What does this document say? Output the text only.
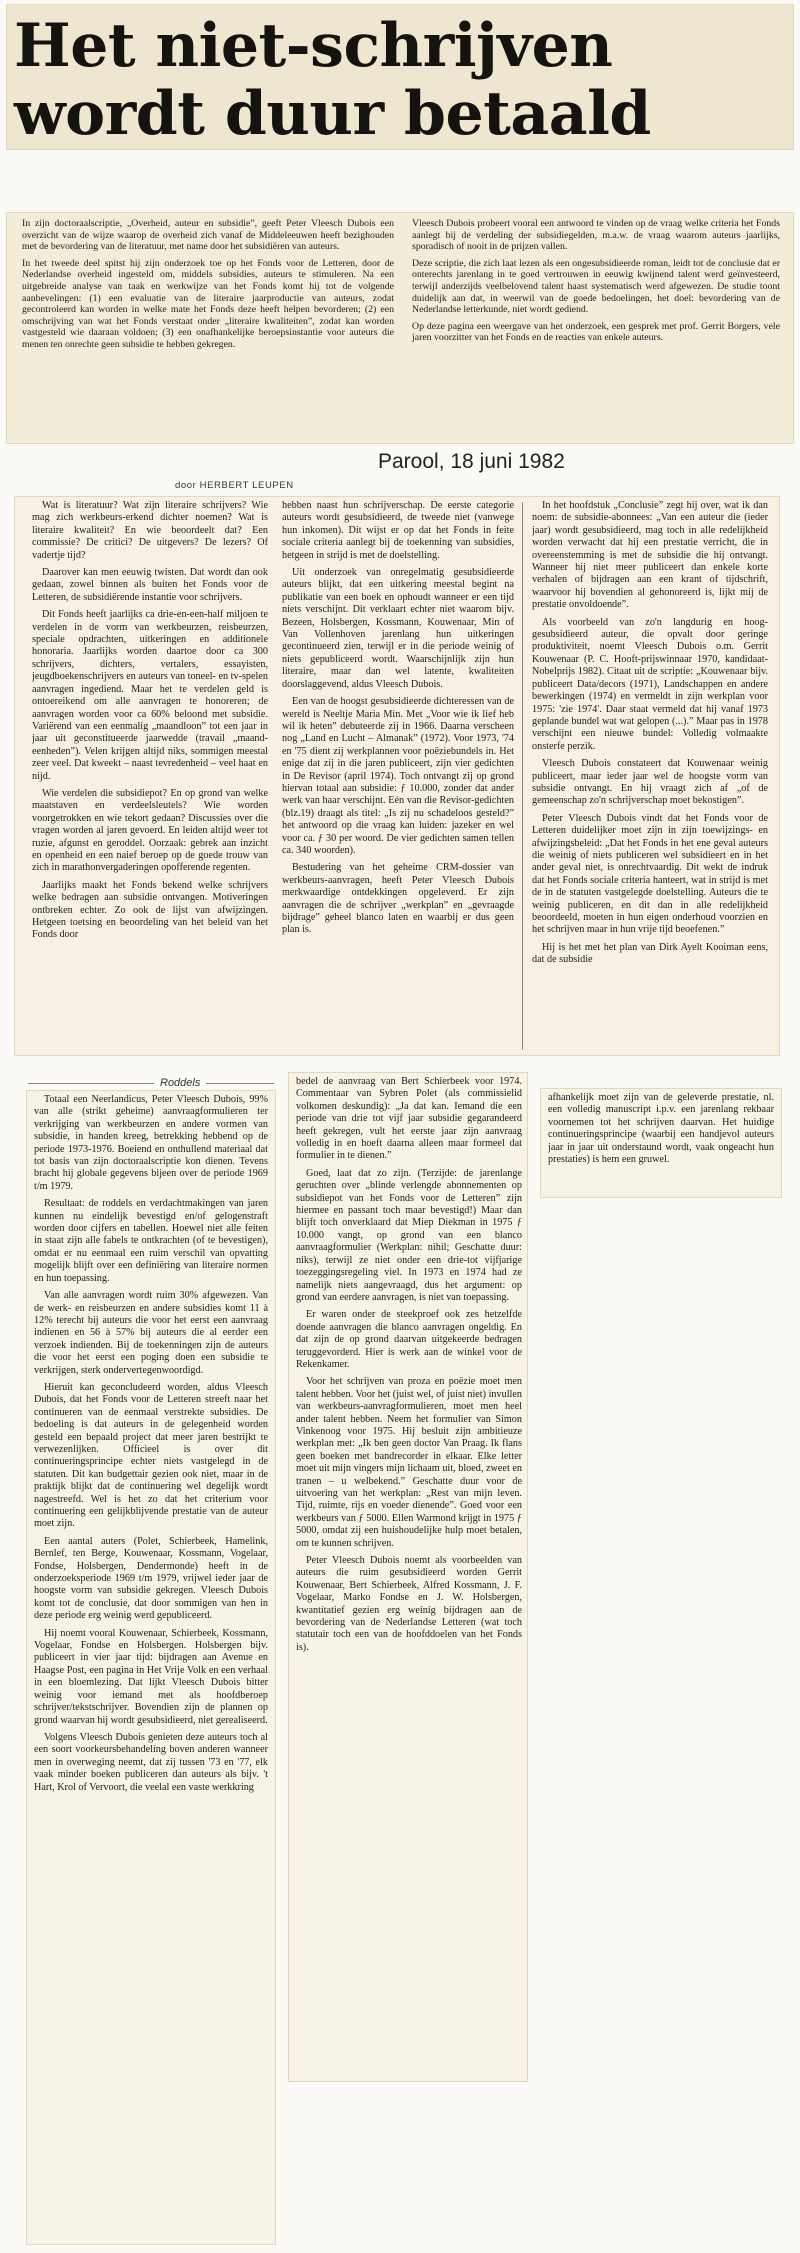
Het niet-schrijven
wordt duur betaald

In zijn doctoraalscriptie, „Overheid, auteur en subsidie”, geeft Peter Vleesch Dubois een overzicht van de wijze waarop de overheid zich vanaf de Middeleeuwen heeft bezighouden met de bevordering van de literatuur, met name door het subsidiëren van auteurs.

In het tweede deel spitst hij zijn onderzoek toe op het Fonds voor de Letteren, door de Nederlandse overheid ingesteld om, middels subsidies, auteurs te stimuleren. Na een uitgebreide analyse van taak en werkwijze van het Fonds komt hij tot de volgende aanbevelingen: (1) een evaluatie van de literaire jaarproductie van auteurs, zodat gecontroleerd kan worden in welke mate het Fonds deze heeft helpen bevorderen; (2) een omschrijving van wat het Fonds verstaat onder „literaire kwaliteiten”, zodat kan worden vastgesteld wie daaraan voldoen; (3) een onafhankelijke beroepsinstantie voor auteurs die menen ten onrechte geen subsidie te hebben gekregen.

Vleesch Dubois probeert vooral een antwoord te vinden op de vraag welke criteria het Fonds aanlegt bij de verdeling der subsidiegelden, m.a.w. de vraag waarom auteurs jaarlijks, sporadisch of nooit in de prijzen vallen.

Deze scriptie, die zich laat lezen als een ongesubsidieerde roman, leidt tot de conclusie dat er onterechts jarenlang in te goed vertrouwen in eeuwig kwijnend talent werd geïnvesteerd, terwijl anderzijds veelbelovend talent haast systematisch werd afgewezen. De studie toont duidelijk aan dat, in weerwil van de goede bedoelingen, het doel: bevordering van de Nederlandse letterkunde, niet wordt gediend.

Op deze pagina een weergave van het onderzoek, een gesprek met prof. Gerrit Borgers, vele jaren voorzitter van het Fonds en de reacties van enkele auteurs.

Parool, 18 juni 1982
door HERBERT LEUPEN

Wat is literatuur? Wat zijn literaire schrijvers? Wie mag zich werkbeurs-erkend dichter noemen? Wat is literaire kwaliteit? En wie beoordeelt dat? Een commissie? De critici? De uitgevers? De lezers? Of vadertje tijd?

Daarover kan men eeuwig twisten. Dat wordt dan ook gedaan, zowel binnen als buiten het Fonds voor de Letteren, de subsidiërende instantie voor schrijvers.

Dit Fonds heeft jaarlijks ca drie-en-een-half miljoen te verdelen in de vorm van werkbeurzen, reisbeurzen, speciale opdrachten, uitkeringen en additionele honoraria. Jaarlijks worden daartoe door ca 300 schrijvers, dichters, vertalers, essayisten, jeugdboekenschrijvers en auteurs van toneel- en tv-spelen aanvragen ingediend. Maar het te verdelen geld is ontoereikend om alle aanvragen te honoreren; de aanvragen worden voor ca 60% beloond met subsidie. Variërend van een eenmalig „maandloon” tot een jaar in jaar uit geconstitueerde jaarwedde (travail „maand-eenheden”). Velen krijgen altijd niks, sommigen meestal zeer veel. Dat kweekt – naast tevredenheid – veel haat en nijd.

Wie verdelen die subsidiepot? En op grond van welke maatstaven en verdeelsleutels? Wie worden voorgetrokken en wie tekort gedaan? Discussies over die vragen worden al jaren gevoerd. En leiden altijd weer tot ruzie, afgunst en geroddel. Oorzaak: gebrek aan inzicht en openheid en een naief beroep op de goede trouw van zich in marathonvergaderingen opofferende regenten.

Jaarlijks maakt het Fonds bekend welke schrijvers welke bedragen aan subsidie ontvangen. Motiveringen ontbreken echter. Zo ook de lijst van afwijzingen. Hetgeen toetsing en beoordeling van het beleid van het Fonds door

hebben naast hun schrijverschap. De eerste categorie auteurs wordt gesubsidieerd, de tweede niet (vanwege hun inkomen). Dit wijst er op dat het Fonds in feite sociale criteria aanlegt bij de toekenning van subsidies, hetgeen in strijd is met de doelstelling.

Uit onderzoek van onregelmatig gesubsidieerde auteurs blijkt, dat een uitkering meestal begint na publikatie van een boek en ophoudt wanneer er een tijd niets verschijnt. Dit verklaart echter niet waarom bijv. Bezeen, Holsbergen, Kossmann, Kouwenaar, Min of Van Vollenhoven jarenlang hun uitkeringen gecontinueerd zien, terwijl er in die periode weinig of niets gepubliceerd wordt. Waarschijnlijk zijn hun literaire, maar dan wel latente, kwaliteiten doorslaggevend, aldus Vleesch Dubois.

Een van de hoogst gesubsidieerde dichteressen van de wereld is Neeltje Maria Min. Met „Voor wie ik lief heb wil ik heten” debuteerde zij in 1966. Daarna verscheen nog „Land en Lucht – Almanak” (1972). Voor 1973, '74 en '75 dient zij werkplannen voor poëziebundels in. Het enige dat zij in die jaren publiceert, zijn vier gedichten in De Revisor (april 1974). Toch ontvangt zij op grond hiervan totaal aan subsidie: ƒ 10.000, zonder dat ander werk van haar verschijnt. Eén van die Revisor-gedichten (blz.19) draagt als titel: „Is zij nu schadeloos gesteld?” het antwoord op die vraag kan luiden: jazeker en wel voor ca. ƒ 30 per woord. De vier gedichten samen tellen ca. 340 woorden).

Bestudering van het geheime CRM-dossier van werkbeurs-aanvragen, heeft Peter Vleesch Dubois merkwaardige ontdekkingen opgeleverd. Er zijn aanvragen die de schrijver „werkplan” en „gevraagde bijdrage” geheel blanco laten en waarbij er dus geen plan is.

In het hoofdstuk „Conclusie” zegt hij over, wat ik dan noem: de subsidie-abonnees: „Van een auteur die (ieder jaar) wordt gesubsidieerd, mag toch in alle redelijkheid worden verwacht dat hij een prestatie verricht, die in overeenstemming is met de subsidie die hij ontvangt. Wanneer hij niet meer publiceert dan enkele korte verhalen of bijdragen aan een krant of tijdschrift, waarvoor hij bovendien al gehonoreerd is, lijkt mij de prestatie onvoldoende”.

Als voorbeeld van zo'n langdurig en hoog-gesubsidieerd auteur, die opvalt door geringe produktiviteit, noemt Vleesch Dubois o.m. Gerrit Kouwenaar (P. C. Hooft-prijswinnaar 1970, kandidaat-Nobelprijs 1982). Citaat uit de scriptie: „Kouwenaar bijv. publiceert Data/decors (1971), Landschappen en andere bewerkingen (1974) en vermeldt in zijn werkplan voor 1975: 'zie 1974'. Daar staat vermeld dat hij vanaf 1973 geplande bundel wat wat gelopen (...).” Maar pas in 1978 verschijnt een nieuwe bundel: Volledig volmaakte onsterfe perzik.

Vleesch Dubois constateert dat Kouwenaar weinig publiceert, maar ieder jaar wel de hoogste vorm van subsidie ontvangt. En hij vraagt zich af „of de gemeenschap zo'n schrijverschap moet bekostigen”.

Peter Vleesch Dubois vindt dat het Fonds voor de Letteren duidelijker moet zijn in zijn toewijzings- en afwijzingsbeleid: „Dat het Fonds in het ene geval auteurs die weinig of niets publiceren wel subsidieert en in het ander geval niet, is onrechtvaardig. Dit wekt de indruk dat het Fonds sociale criteria hanteert, wat in strijd is met de in de statuten vastgelegde doelstelling. Auteurs die te weinig publiceren, en dit dan in alle redelijkheid beoordeeld, moeten in hun eigen onderhoud voorzien en het schrijven maar in hun vrije tijd beoefenen.”

Hij is het met het plan van Dirk Ayelt Kooiman eens, dat de subsidie

Roddels

Totaal een Neerlandicus, Peter Vleesch Dubois, 99% van alle (strikt geheime) aanvraagformulieren ter verkrijging van werkbeurzen en andere vormen van subsidie, in handen kreeg, betrekking hebbend op de periode 1973-1976. Boeiend en onthullend materiaal dat tot basis van zijn doctoraalscriptie kon dienen. Tevens bracht hij globale gegevens bijeen over de periode 1969 t/m 1979.

Resultaat: de roddels en verdachtmakingen van jaren kunnen nu eindelijk bevestigd en/of gelogenstraft worden door cijfers en tabellen. Hoewel niet alle feiten in staat zijn alle fabels te ontkrachten (of te bevestigen), omdat er nu eenmaal een ruim verschil van opvatting mogelijk blijft over een definiëring van literaire normen en hun toepassing.

Van alle aanvragen wordt ruim 30% afgewezen. Van de werk- en reisbeurzen en andere subsidies komt 11 à 12% terecht bij auteurs die voor het eerst een aanvraag indienen en 56 à 57% bij auteurs die al eerder een verzoek indienden. Bij de toekenningen zijn de auteurs die voor het eerst een poging doen een subsidie te verkrijgen, sterk ondervertegenwoordigd.

Hieruit kan geconcludeerd worden, aldus Vleesch Dubois, dat het Fonds voor de Letteren streeft naar het continueren van de eenmaal verstrekte subsidies. De bedoeling is dat auteurs in de gelegenheid worden gesteld een bepaald project dat meer jaren bestrijkt te verwezenlijken. Officieel is over dit continueringsprincipe echter niets vastgelegd in de statuten. Dit kan budgettair gezien ook niet, maar in de praktijk blijkt dat de continuering wel degelijk wordt nagestreefd. Wel is het zo dat het criterium voor continuering een gelijkblijvende prestatie van de auteur moet zijn.

Een aantal auters (Polet, Schierbeek, Hamelink, Bernlef, ten Berge, Kouwenaar, Kossmann, Vogelaar, Fondse, Holsbergen, Dendermonde) heeft in de onderzoeksperiode 1969 t/m 1979, vrijwel ieder jaar de hoogste vorm van subsidie gekregen. Vleesch Dubois komt tot de conclusie, dat door sommigen van hen in deze periode erg weinig werd gepubliceerd.

Hij noemt vooral Kouwenaar, Schierbeek, Kossmann, Vogelaar, Fondse en Holsbergen. Holsbergen bijv. publiceert in vier jaar tijd: bijdragen aan Avenue en Haagse Post, een pagina in Het Vrije Volk en een verhaal in een bloemlezing. Dat lijkt Vleesch Dubois bitter weinig voor iemand met als hoofdberoep schrijver/tekstschrijver. Bovendien zijn de plannen op grond waarvan hij wordt gesubsidieerd, niet gerealiseerd.

Volgens Vleesch Dubois genieten deze auteurs toch al een soort voorkeursbehandeling boven anderen wanneer men in overweging neemt, dat zij tussen '73 en '77, elk vaak minder boeken publiceren dan auteurs als bijv. 't Hart, Krol of Vervoort, die veelal een vaste werkkring

bedel de aanvraag van Bert Schierbeek voor 1974. Commentaar van Sybren Polet (als commissielid volkomen deskundig): „Ja dat kan. Iemand die een periode van drie tot vijf jaar subsidie gegarandeerd heeft gekregen, vult het eerste jaar zijn aanvraag volledig in en hoeft daarna alleen maar formeel dat formulier in te dienen.”

Goed, laat dat zo zijn. (Terzijde: de jarenlange geruchten over „blinde verlengde abonnementen op subsidiepot van het Fonds voor de Letteren” zijn hiermee en passant toch maar bevestigd!) Maar dan blijft toch onverklaard dat Miep Diekman in 1975 ƒ 10.000 vangt, op grond van een blanco aanvraagformulier (Werkplan: nihil; Geschatte duur: niks), terwijl ze niet onder een drie-tot vijfjarige toezeggingsregeling viel. In 1973 en 1974 had ze namelijk niets aangevraagd, dus het argument: op grond van eerdere aanvragen, is niet van toepassing.

Er waren onder de steekproef ook zes hetzelfde doende aanvragen die blanco aanvragen ongeldig. En dat zijn de op grond daarvan uitgekeerde bedragen teruggevorderd. Hier is werk aan de winkel voor de Rekenkamer.

Voor het schrijven van proza en poëzie moet men talent hebben. Voor het (juist wel, of juist niet) invullen van werkbeurs-aanvragformulieren, moet men heel ander talent hebben. Neem het formulier van Simon Vinkenoog voor 1975. Hij besluit zijn ambitieuze werkplan met: „Ik ben geen doctor Van Praag. Ik flans geen boeken met bandrecorder in elkaar. Elke letter moet uit mijn vingers mijn lichaam uit, bloed, zweet en tranen – u welbekend.” Geschatte duur voor de uitvoering van het werkplan: „Rest van mijn leven. Tijd, ruimte, rijs en voeder dienende”. Goed voor een werkbeurs van ƒ 5000. Ellen Warmond krijgt in 1975 ƒ 5000, omdat zij een huishoudelijke hulp moet betalen, om te kunnen schrijven.

Peter Vleesch Dubois noemt als voorbeelden van auteurs die ruim gesubsidieerd worden Gerrit Kouwenaar, Bert Schierbeek, Alfred Kossmann, J. F. Vogelaar, Marko Fondse en J. W. Holsbergen, kwantitatief gezien erg weinig bijdragen aan de bevordering van de Nederlandse Letteren (wat toch statutair toch een van de hoofddoelen van het Fonds is).

afhankelijk moet zijn van de geleverde prestatie, nl. een volledig manuscript i.p.v. een jarenlang rekbaar voornemen tot het schrijven daarvan. Het huidige continueringsprincipe (waarbij een handjevol auteurs jaar in jaar uit onderstaund wordt, vaak ongeacht hun prestaties) is hem een gruwel.
